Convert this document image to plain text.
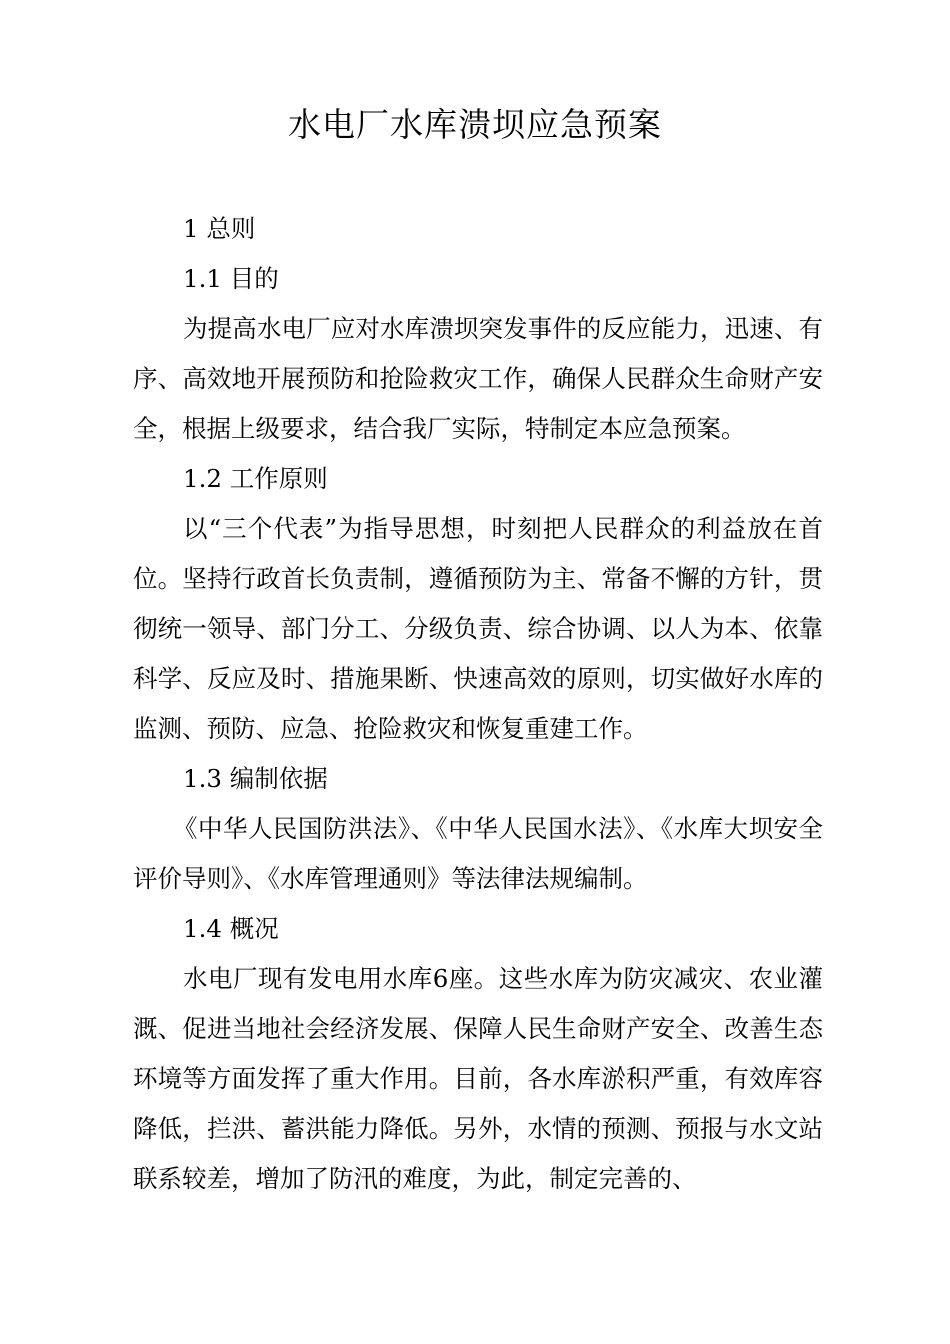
水电厂水库溃坝应急预案

1 总则

1.1 目的

为提高水电厂应对水库溃坝突发事件的反应能力，迅速、有序、高效地开展预防和抢险救灾工作，确保人民群众生命财产安全，根据上级要求，结合我厂实际，特制定本应急预案。

1.2 工作原则

以“三个代表”为指导思想，时刻把人民群众的利益放在首位。坚持行政首长负责制，遵循预防为主、常备不懈的方针，贯彻统一领导、部门分工、分级负责、综合协调、以人为本、依靠科学、反应及时、措施果断、快速高效的原则，切实做好水库的监测、预防、应急、抢险救灾和恢复重建工作。

1.3 编制依据

《中华人民国防洪法》、《中华人民国水法》、《水库大坝安全评价导则》、《水库管理通则》等法律法规编制。

1.4 概况

水电厂现有发电用水库6座。这些水库为防灾减灾、农业灌溉、促进当地社会经济发展、保障人民生命财产安全、改善生态环境等方面发挥了重大作用。目前，各水库淤积严重，有效库容降低，拦洪、蓄洪能力降低。另外，水情的预测、预报与水文站联系较差，增加了防汛的难度，为此，制定完善的、
